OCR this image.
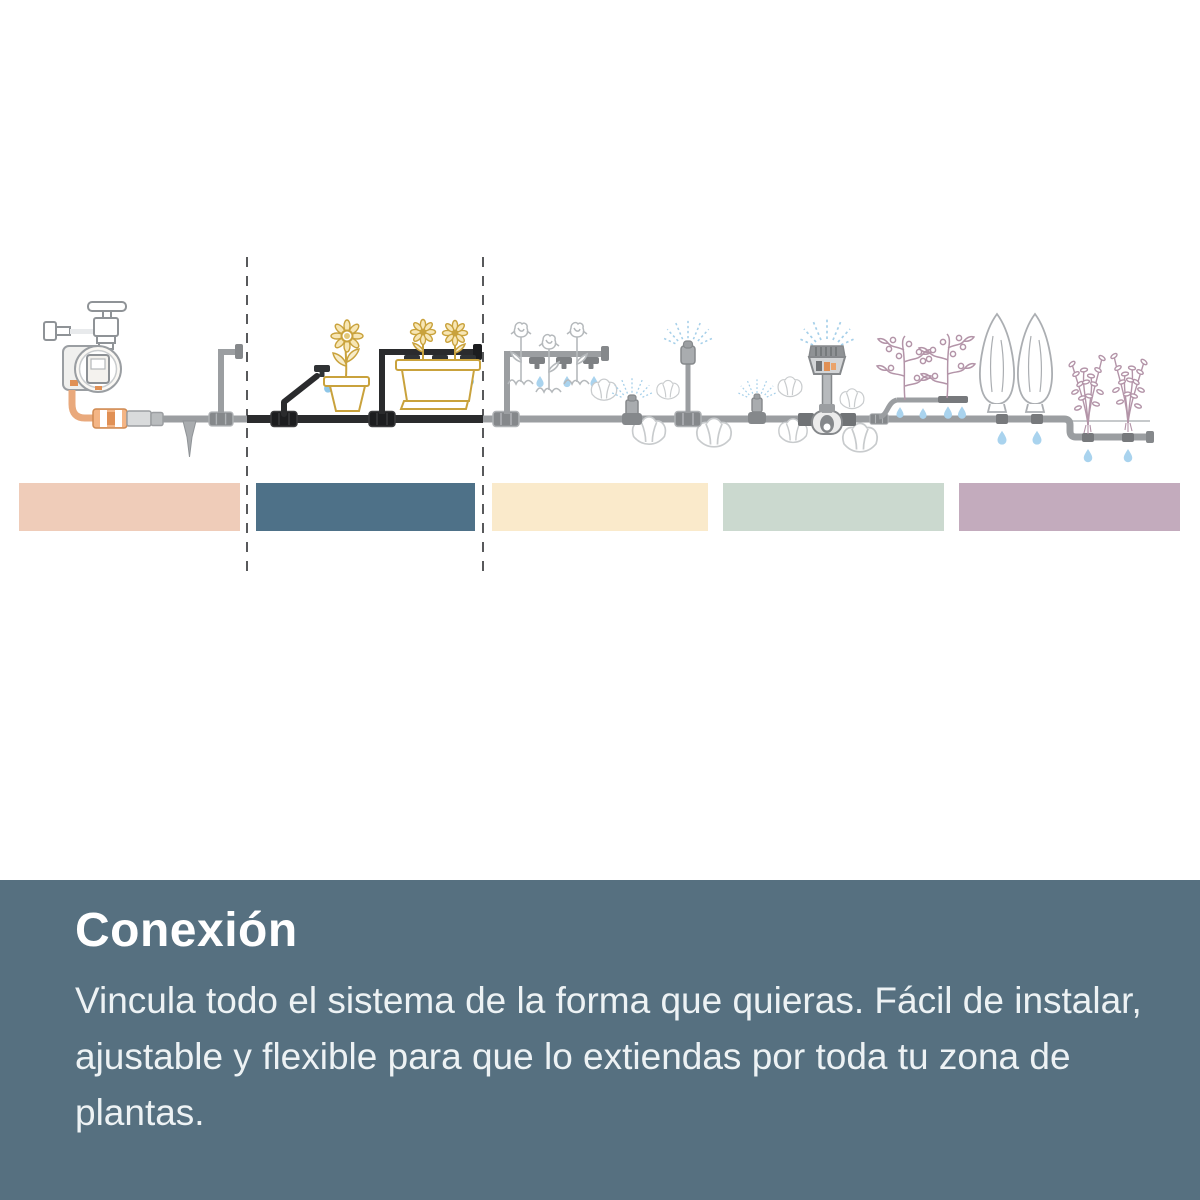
Conexión

Vincula todo el sistema de la forma que quieras. Fácil de instalar, ajustable y flexible para que lo extiendas por toda tu zona de plantas.
